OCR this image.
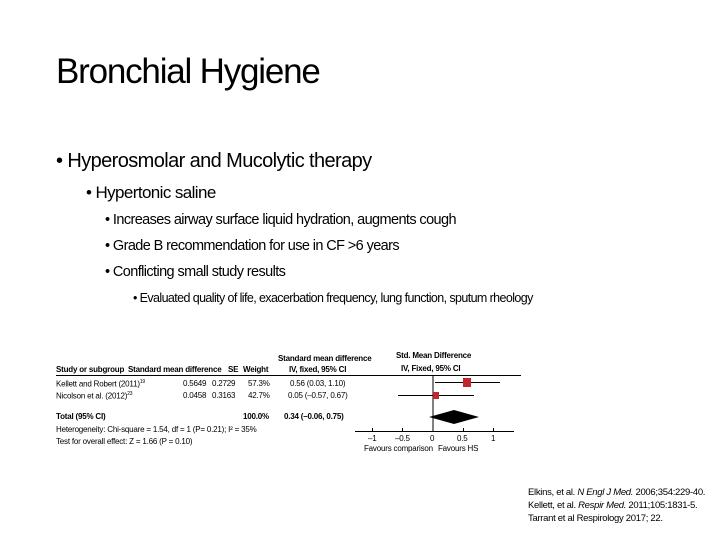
Bronchial Hygiene
• Hyperosmolar and Mucolytic therapy
• Hypertonic saline
• Increases airway surface liquid hydration, augments cough
• Grade B recommendation for use in CF >6 years
• Conflicting small study results
• Evaluated quality of life, exacerbation frequency, lung function, sputum rheology
Standard mean difference
Study or subgroup Standard mean difference SE Weight	IV, fixed, 95% CI
Std. Mean Difference
IV, Fixed, 95% CI
Kellett and Robert $(2011)^{19}$	0.5649 0.2729 57.3%	0.56 (0.03, 1.10)
Nicolson et al. $(2012)^{23}$	0.0458 0.3163 42.7% 0.05 (–0.57, 0.67)
Total (95% CI)	100.0% 0.34 (–0.06, 0.75)
Heterogeneity: Chi-square = 1.54, df = 1 (P= 0.21); I² = 35%
Test for overall effect: Z = 1.66 (P = 0.10)	–1 –0.5	0	0.5	1
Favours comparison Favours HS
Elkins, et al. N Engl J Med. 2006;354:229-40.
Kellett, et al. Respir Med. 2011;105:1831-5.
Tarrant et al Respirology 2017; 22.
